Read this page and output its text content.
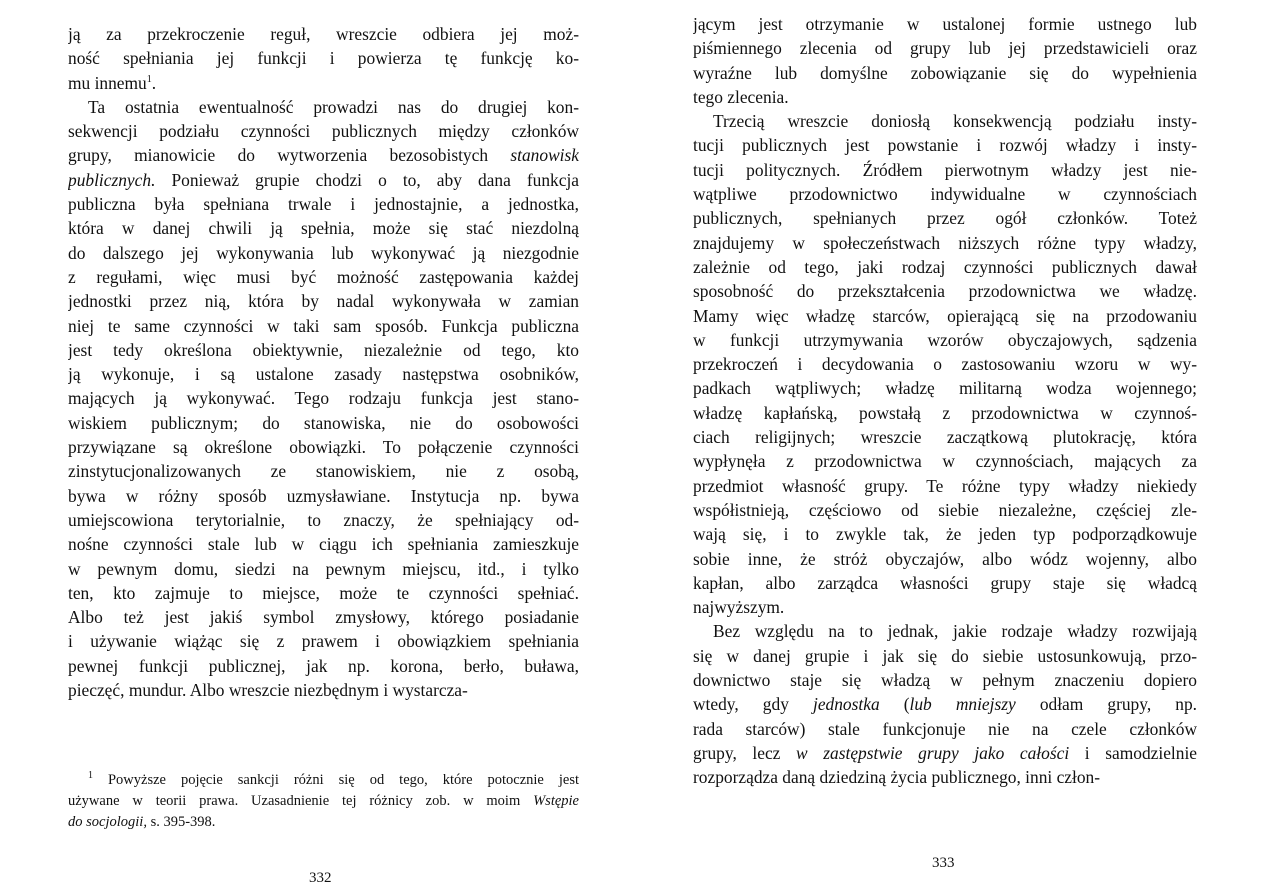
ją za przekroczenie reguł, wreszcie odbiera jej moż-
ność spełniania jej funkcji i powierza tę funkcję ko-
mu innemu$^1$.
Ta ostatnia ewentualność prowadzi nas do drugiej kon-
sekwencji podziału czynności publicznych między członków
grupy, mianowicie do wytworzenia bezosobistych stanowisk
publicznych. Ponieważ grupie chodzi o to, aby dana funkcja
publiczna była spełniana trwale i jednostajnie, a jednostka,
która w danej chwili ją spełnia, może się stać niezdolną
do dalszego jej wykonywania lub wykonywać ją niezgodnie
z regułami, więc musi być możność zastępowania każdej
jednostki przez nią, która by nadal wykonywała w zamian
niej te same czynności w taki sam sposób. Funkcja publiczna
jest tedy określona obiektywnie, niezależnie od tego, kto
ją wykonuje, i są ustalone zasady następstwa osobników,
mających ją wykonywać. Tego rodzaju funkcja jest stano-
wiskiem publicznym; do stanowiska, nie do osobowości
przywiązane są określone obowiązki. To połączenie czynności
zinstytucjonalizowanych ze stanowiskiem, nie z osobą,
bywa w różny sposób uzmysławiane. Instytucja np. bywa
umiejscowiona terytorialnie, to znaczy, że spełniający od-
nośne czynności stale lub w ciągu ich spełniania zamieszkuje
w pewnym domu, siedzi na pewnym miejscu, itd., i tylko
ten, kto zajmuje to miejsce, może te czynności spełniać.
Albo też jest jakiś symbol zmysłowy, którego posiadanie
i używanie wiążąc się z prawem i obowiązkiem spełniania
pewnej funkcji publicznej, jak np. korona, berło, buława,
pieczęć, mundur. Albo wreszcie niezbędnym i wystarcza-
$^1$ Powyższe pojęcie sankcji różni się od tego, które potocznie jest
używane w teorii prawa. Uzasadnienie tej różnicy zob. w moim Wstępie
do socjologii, s. 395-398.
332
jącym jest otrzymanie w ustalonej formie ustnego lub
piśmiennego zlecenia od grupy lub jej przedstawicieli oraz
wyraźne lub domyślne zobowiązanie się do wypełnienia
tego zlecenia.
Trzecią wreszcie doniosłą konsekwencją podziału insty-
tucji publicznych jest powstanie i rozwój władzy i insty-
tucji politycznych. Źródłem pierwotnym władzy jest nie-
wątpliwe przodownictwo indywidualne w czynnościach
publicznych, spełnianych przez ogół członków. Toteż
znajdujemy w społeczeństwach niższych różne typy władzy,
zależnie od tego, jaki rodzaj czynności publicznych dawał
sposobność do przekształcenia przodownictwa we władzę.
Mamy więc władzę starców, opierającą się na przodowaniu
w funkcji utrzymywania wzorów obyczajowych, sądzenia
przekroczeń i decydowania o zastosowaniu wzoru w wy-
padkach wątpliwych; władzę militarną wodza wojennego;
władzę kapłańską, powstałą z przodownictwa w czynnoś-
ciach religijnych; wreszcie zaczątkową plutokrację, która
wypłynęła z przodownictwa w czynnościach, mających za
przedmiot własność grupy. Te różne typy władzy niekiedy
współistnieją, częściowo od siebie niezależne, częściej zle-
wają się, i to zwykle tak, że jeden typ podporządkowuje
sobie inne, że stróż obyczajów, albo wódz wojenny, albo
kapłan, albo zarządca własności grupy staje się władcą
najwyższym.
Bez względu na to jednak, jakie rodzaje władzy rozwijają
się w danej grupie i jak się do siebie ustosunkowują, przo-
downictwo staje się władzą w pełnym znaczeniu dopiero
wtedy, gdy jednostka (lub mniejszy odłam grupy, np.
rada starców) stale funkcjonuje nie na czele członków
grupy, lecz w zastępstwie grupy jako całości i samodzielnie
rozporządza daną dziedziną życia publicznego, inni człon-
333
